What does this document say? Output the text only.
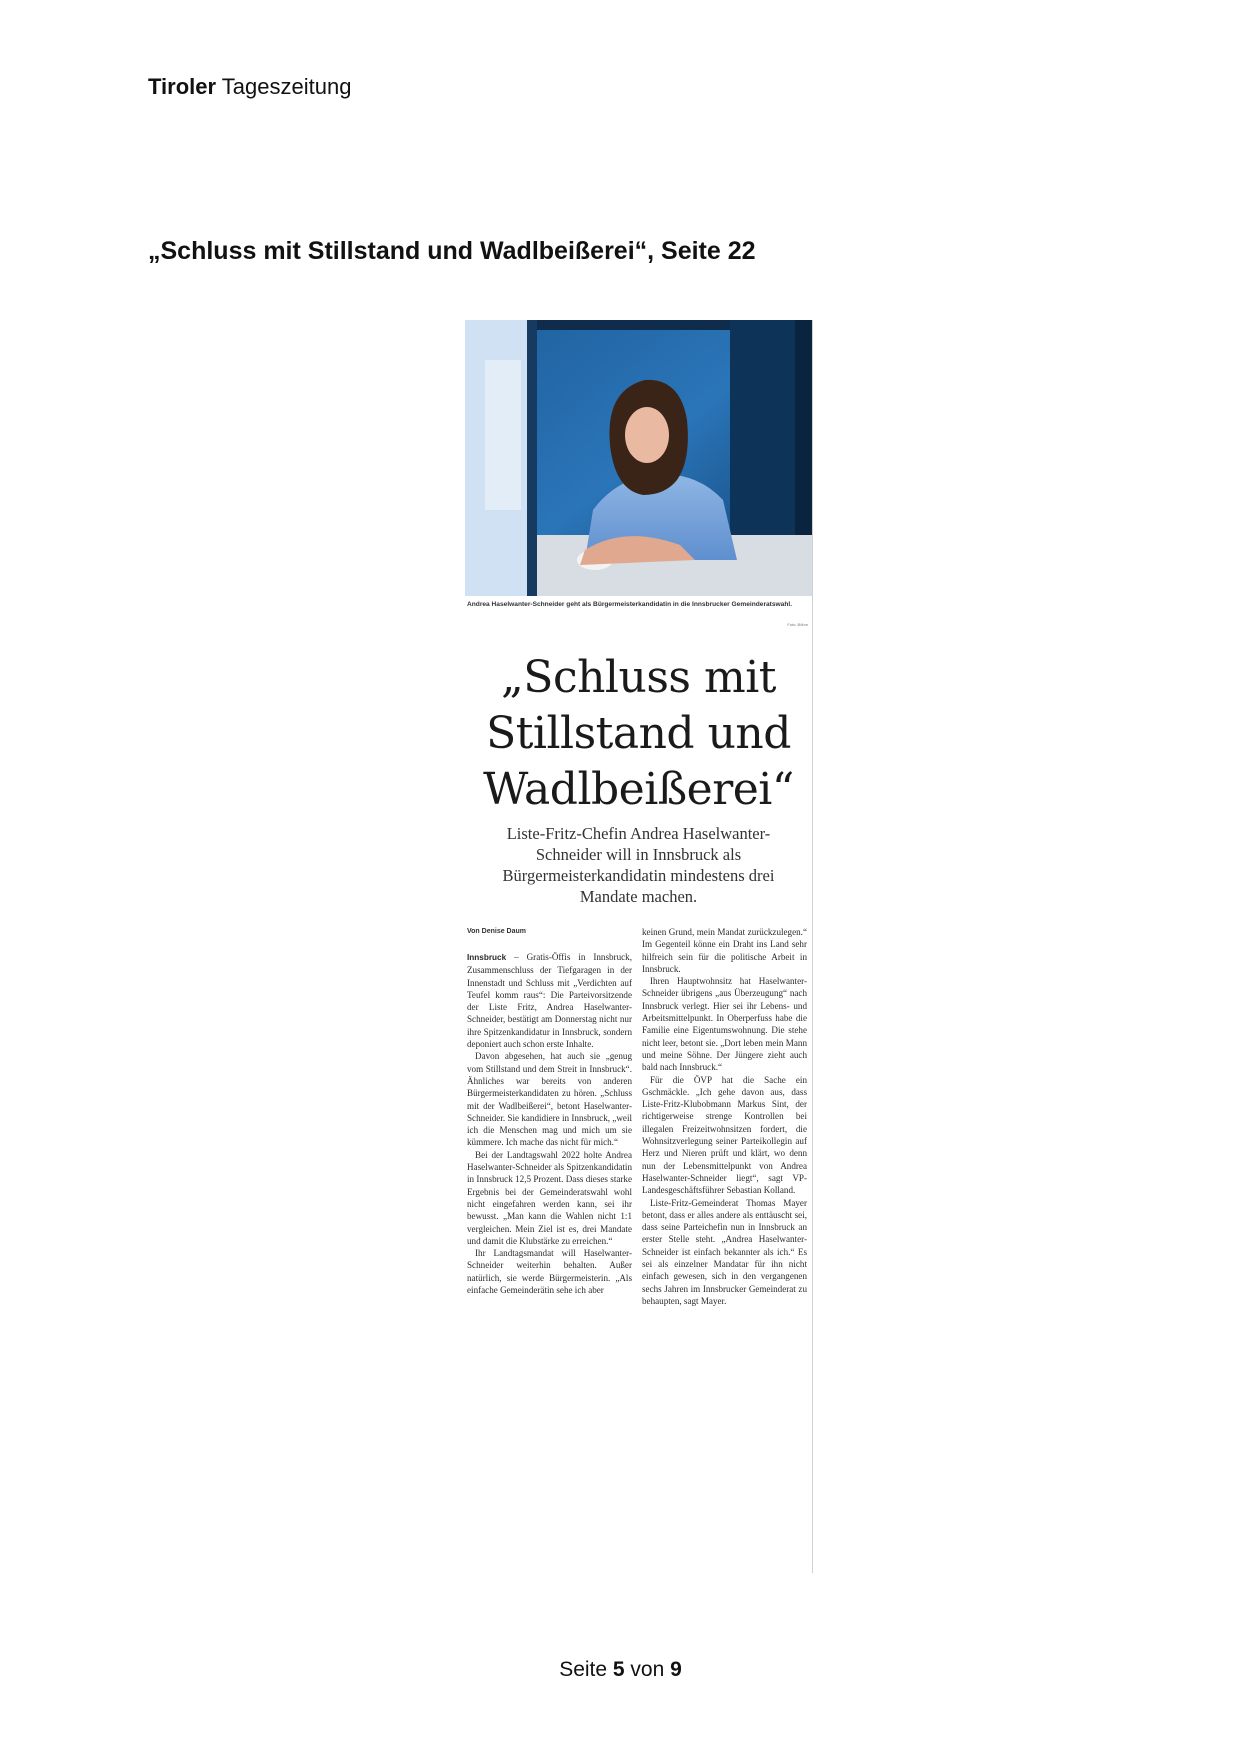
Tiroler Tageszeitung
„Schluss mit Stillstand und Wadlbeißerei“, Seite 22
Andrea Haselwanter-Schneider geht als Bürgermeisterkandidatin in die Innsbrucker Gemeinderatswahl.
Foto: Böhm
„Schluss mit Stillstand und Wadlbeißerei“
Liste-Fritz-Chefin Andrea Haselwanter-Schneider will in Innsbruck als Bürgermeisterkandidatin mindestens drei Mandate machen.
Von Denise Daum

Innsbruck – Gratis-Öffis in Innsbruck, Zusammenschluss der Tiefgaragen in der Innenstadt und Schluss mit „Verdichten auf Teufel komm raus“: Die Parteivorsitzende der Liste Fritz, Andrea Haselwanter-Schneider, bestätigt am Donnerstag nicht nur ihre Spitzenkandidatur in Innsbruck, sondern deponiert auch schon erste Inhalte.

Davon abgesehen, hat auch sie „genug vom Stillstand und dem Streit in Innsbruck“. Ähnliches war bereits von anderen Bürgermeisterkandidaten zu hören. „Schluss mit der Wadlbeißerei“, betont Haselwanter-Schneider. Sie kandidiere in Innsbruck, „weil ich die Menschen mag und mich um sie kümmere. Ich mache das nicht für mich.“

Bei der Landtagswahl 2022 holte Andrea Haselwanter-Schneider als Spitzenkandidatin in Innsbruck 12,5 Prozent. Dass dieses starke Ergebnis bei der Gemeinderatswahl wohl nicht eingefahren werden kann, sei ihr bewusst. „Man kann die Wahlen nicht 1:1 vergleichen. Mein Ziel ist es, drei Mandate und damit die Klubstärke zu erreichen.“

Ihr Landtagsmandat will Haselwanter-Schneider weiterhin behalten. Außer natürlich, sie werde Bürgermeisterin. „Als einfache Gemeinderätin sehe ich aber

keinen Grund, mein Mandat zurückzulegen.“ Im Gegenteil könne ein Draht ins Land sehr hilfreich sein für die politische Arbeit in Innsbruck.

Ihren Hauptwohnsitz hat Haselwanter-Schneider übrigens „aus Überzeugung“ nach Innsbruck verlegt. Hier sei ihr Lebens- und Arbeitsmittelpunkt. In Oberperfuss habe die Familie eine Eigentumswohnung. Die stehe nicht leer, betont sie. „Dort leben mein Mann und meine Söhne. Der Jüngere zieht auch bald nach Innsbruck.“

Für die ÖVP hat die Sache ein Gschmäckle. „Ich gehe davon aus, dass Liste-Fritz-Klubobmann Markus Sint, der richtigerweise strenge Kontrollen bei illegalen Freizeitwohnsitzen fordert, die Wohnsitzverlegung seiner Parteikollegin auf Herz und Nieren prüft und klärt, wo denn nun der Lebensmittelpunkt von Andrea Haselwanter-Schneider liegt“, sagt VP-Landesgeschäftsführer Sebastian Kolland.

Liste-Fritz-Gemeinderat Thomas Mayer betont, dass er alles andere als enttäuscht sei, dass seine Parteichefin nun in Innsbruck an erster Stelle steht. „Andrea Haselwanter-Schneider ist einfach bekannter als ich.“ Es sei als einzelner Mandatar für ihn nicht einfach gewesen, sich in den vergangenen sechs Jahren im Innsbrucker Gemeinderat zu behaupten, sagt Mayer.

Seite 5 von 9
